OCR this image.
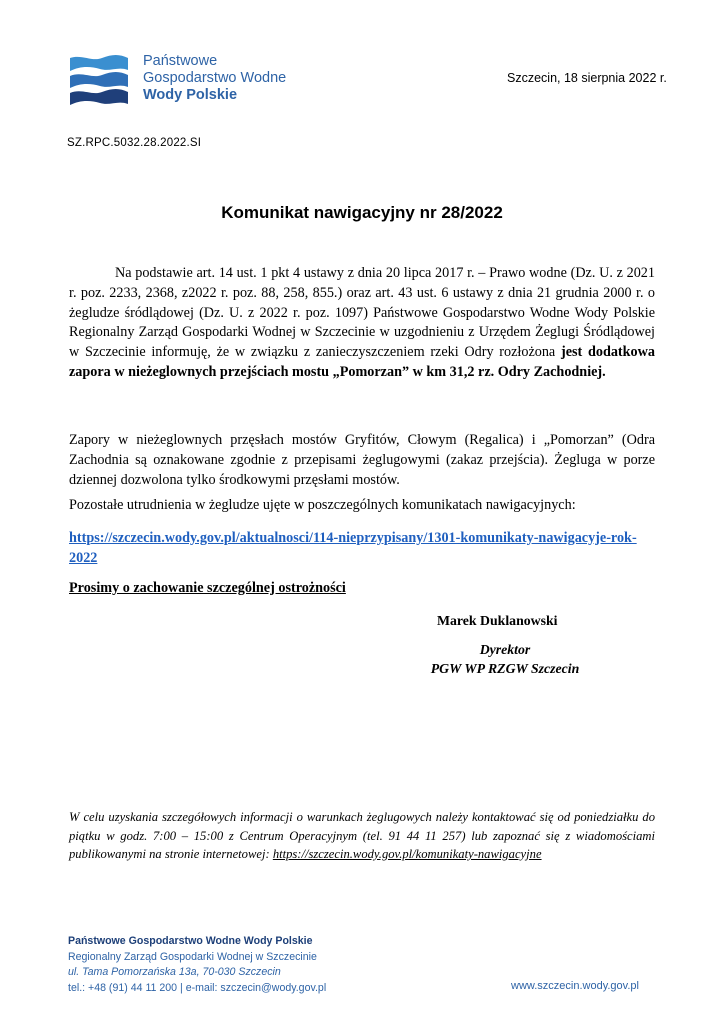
Państwowe
Gospodarstwo Wodne
Wody Polskie
Szczecin, 18 sierpnia 2022 r.
SZ.RPC.5032.28.2022.SI
Komunikat nawigacyjny nr 28/2022

Na podstawie art. 14 ust. 1 pkt 4 ustawy z dnia 20 lipca 2017 r. – Prawo wodne (Dz. U. z 2021 r. poz. 2233, 2368, z2022 r. poz. 88, 258, 855.) oraz art. 43 ust. 6 ustawy z dnia 21 grudnia 2000 r. o żegludze śródlądowej (Dz. U. z 2022 r. poz. 1097) Państwowe Gospodarstwo Wodne Wody Polskie Regionalny Zarząd Gospodarki Wodnej w Szczecinie w uzgodnieniu z Urzędem Żeglugi Śródlądowej w Szczecinie informuję, że w związku z zanieczyszczeniem rzeki Odry rozłożona jest dodatkowa zapora w nieżeglownych przejściach mostu „Pomorzan” w km 31,2 rz. Odry Zachodniej.

Zapory w nieżeglownych przęsłach mostów Gryfitów, Cłowym (Regalica) i „Pomorzan” (Odra Zachodnia są oznakowane zgodnie z przepisami żeglugowymi (zakaz przejścia). Żegluga w porze dziennej dozwolona tylko środkowymi przęsłami mostów.

Pozostałe utrudnienia w żegludze ujęte w poszczególnych komunikatach nawigacyjnych:

https://szczecin.wody.gov.pl/aktualnosci/114-nieprzypisany/1301-komunikaty-nawigacyje-rok-2022
Prosimy o zachowanie szczególnej ostrożności
Marek Duklanowski
Dyrektor
PGW WP RZGW Szczecin

W celu uzyskania szczegółowych informacji o warunkach żeglugowych należy kontaktować się od poniedziałku do piątku w godz. 7:00 – 15:00 z Centrum Operacyjnym (tel. 91 44 11 257) lub zapoznać się z wiadomościami publikowanymi na stronie internetowej: https://szczecin.wody.gov.pl/komunikaty-nawigacyjne

Państwowe Gospodarstwo Wodne Wody Polskie
Regionalny Zarząd Gospodarki Wodnej w Szczecinie
ul. Tama Pomorzańska 13a, 70-030 Szczecin
tel.: +48 (91) 44 11 200 | e-mail: szczecin@wody.gov.pl	www.szczecin.wody.gov.pl
